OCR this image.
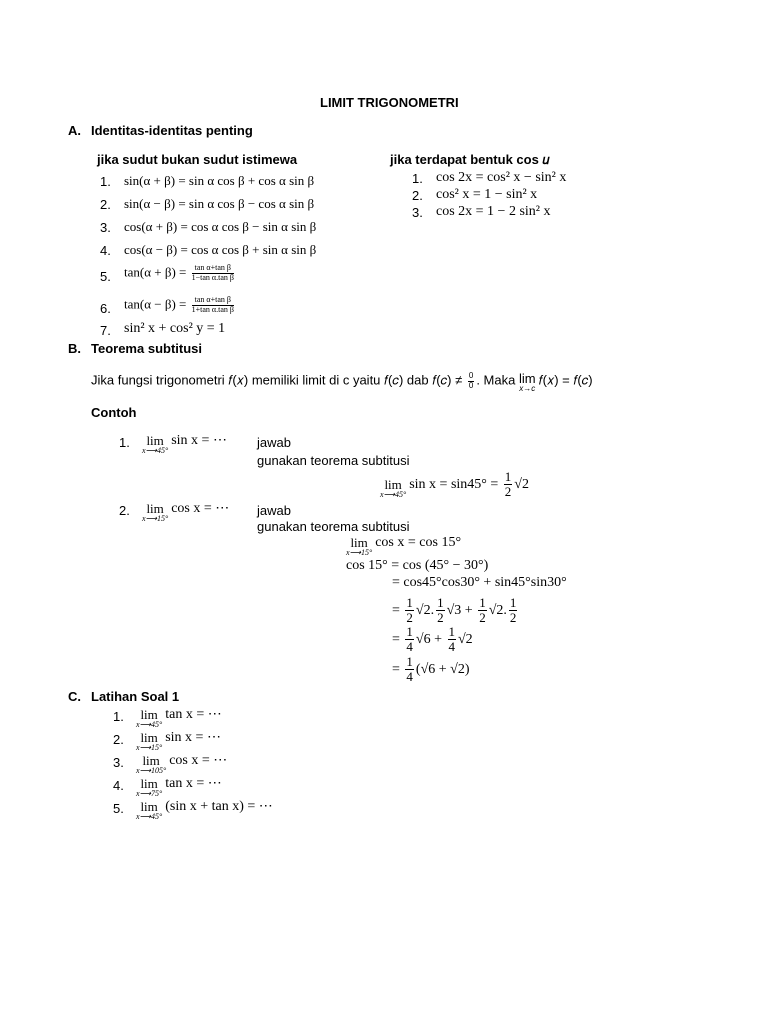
LIMIT TRIGONOMETRI
A. Identitas-identitas penting
jika sudut bukan sudut istimewa	jika terdapat bentuk cos 𝑢
1. sin(α + β) = sin α cos β + cos α sin β
2. sin(α − β) = sin α cos β − cos α sin β
3. cos(α + β) = cos α cos β − sin α sin β
4. cos(α − β) = cos α cos β + sin α sin β
5. $\tan(\alpha + \beta) = \frac{\text{tan α+tan β}}{\text{1−tan α.tan β}}$
6. $\tan(\alpha - \beta) = \frac{\text{tan α+tan β}}{\text{1+tan α.tan β}}$
7. sin² x + cos² y = 1
1. cos 2x = cos² x − sin² x
2. cos² x = 1 − sin² x
3. cos 2x = 1 − 2 sin² x
B. Teorema subtitusi
Jika fungsi trigonometri 𝑓(𝑥) memiliki limit di c yaitu 𝑓(𝑐) dab 𝑓(𝑐) ≠ $\frac{0}{0}$ . Maka lim
x→c
𝑓(𝑥) = 𝑓(𝑐)
Contoh
1.	lim
x⟶45°
sin x = ⋯ jawab
gunakan teorema subtitusi
lim
x⟶45°
$\sin x = \sin 45^\circ = \frac{1}{2} √2$
2.	lim
x⟶15°
cos x = ⋯ jawab
gunakan teorema subtitusi
lim
x⟶15°
cos x = cos 15°
cos 15° = cos (45° − 30°)
= cos45°cos30° + sin45°sin30°
= $\frac{1}{2} √2$. $\frac{1}{2} √3 + \frac{1}{2} √2$. $\frac{1}{2}$
= $\frac{1}{4} √6 + \frac{1}{4} √2$
= $\frac{1}{4} (√6 + √2)$
C. Latihan Soal 1
1.	lim
x⟶45°
tan x = ⋯
2.	lim
x⟶15°
sin x = ⋯
3.	lim
x⟶105°
cos x = ⋯
4.	lim
x⟶75°
tan x = ⋯
5.	lim
x⟶45°
(sin x + tan x) = ⋯
